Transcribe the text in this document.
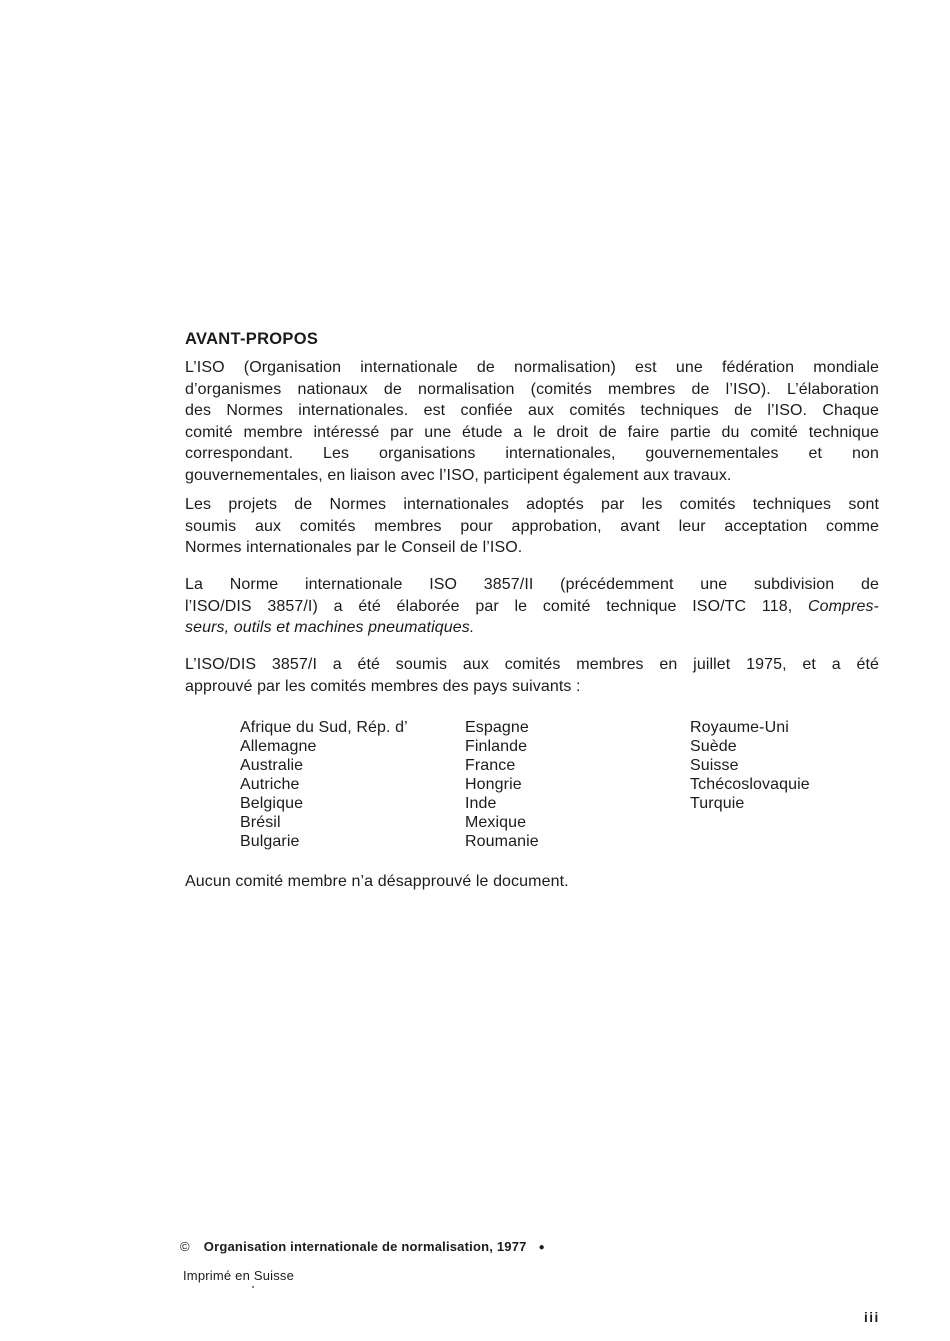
AVANT-PROPOS
L’ISO (Organisation internationale de normalisation) est une fédération mondiale
d’organismes nationaux de normalisation (comités membres de l’ISO). L’élaboration
des Normes internationales. est confiée aux comités techniques de l’ISO. Chaque
comité membre intéressé par une étude a le droit de faire partie du comité technique
correspondant. Les organisations internationales, gouvernementales et non
gouvernementales, en liaison avec l’ISO, participent également aux travaux.
Les projets de Normes internationales adoptés par les comités techniques sont
soumis aux comités membres pour approbation, avant leur acceptation comme
Normes internationales par le Conseil de l’ISO.
La Norme internationale ISO 3857/II (précédemment une subdivision de
l’ISO/DIS 3857/I) a été élaborée par le comité technique ISO/TC 118, Compres-
seurs, outils et machines pneumatiques.
L’ISO/DIS 3857/I a été soumis aux comités membres en juillet 1975, et a été
approuvé par les comités membres des pays suivants :
Afrique du Sud, Rép. d’
Allemagne
Australie
Autriche
Belgique
Brésil
Bulgarie
Espagne
Finlande
France
Hongrie
Inde
Mexique
Roumanie
Royaume-Uni
Suède
Suisse
Tchécoslovaquie
Turquie
Aucun comité membre n’a désapprouvé le document.
© Organisation internationale de normalisation, 1977 ●
Imprimé en Suisse
iii
